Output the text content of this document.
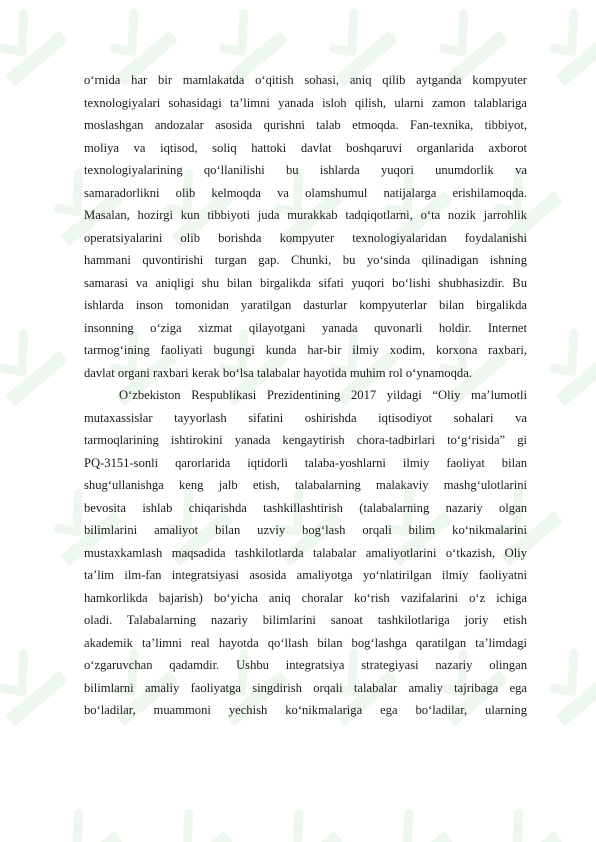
o‘rnida har bir mamlakatda o‘qitish sohasi, aniq qilib aytganda kompyuter
texnologiyalari sohasidagi ta’limni yanada isloh qilish, ularni zamon talablariga
moslashgan andozalar asosida qurishni talab etmoqda. Fan-texnika, tibbiyot,
moliya va iqtisod, soliq hattoki davlat boshqaruvi organlarida axborot
texnologiyalarining qo‘llanilishi bu ishlarda yuqori unumdorlik va
samaradorlikni olib kelmoqda va olamshumul natijalarga erishilamoqda.
Masalan, hozirgi kun tibbiyoti juda murakkab tadqiqotlarni, o‘ta nozik jarrohlik
operatsiyalarini olib borishda kompyuter texnologiyalaridan foydalanishi
hammani quvontirishi turgan gap. Chunki, bu yo‘sinda qilinadigan ishning
samarasi va aniqligi shu bilan birgalikda sifati yuqori bo‘lishi shubhasizdir. Bu
ishlarda inson tomonidan yaratilgan dasturlar kompyuterlar bilan birgalikda
insonning o‘ziga xizmat qilayotgani yanada quvonarli holdir. Internet
tarmog‘ining faoliyati bugungi kunda har-bir ilmiy xodim, korxona raxbari,
davlat organi raxbari kerak bo‘lsa talabalar hayotida muhim rol o‘ynamoqda.
O‘zbekiston Respublikasi Prezidentining 2017 yildagi “Oliy ma’lumotli
mutaxassislar tayyorlash sifatini oshirishda iqtisodiyot sohalari va
tarmoqlarining ishtirokini yanada kengaytirish chora-tadbirlari to‘g‘risida” gi
PQ-3151-sonli qarorlarida iqtidorli talaba-yoshlarni ilmiy faoliyat bilan
shug‘ullanishga keng jalb etish, talabalarning malakaviy mashg‘ulotlarini
bevosita ishlab chiqarishda tashkillashtirish (talabalarning nazariy olgan
bilimlarini amaliyot bilan uzviy bog‘lash orqali bilim ko‘nikmalarini
mustaxkamlash maqsadida tashkilotlarda talabalar amaliyotlarini o‘tkazish, Oliy
ta’lim ilm-fan integratsiyasi asosida amaliyotga yo‘nlatirilgan ilmiy faoliyatni
hamkorlikda bajarish) bo‘yicha aniq choralar ko‘rish vazifalarini o‘z ichiga
oladi. Talabalarning nazariy bilimlarini sanoat tashkilotlariga joriy etish
akademik ta’limni real hayotda qo‘llash bilan bog‘lashga qaratilgan ta’limdagi
o‘zgaruvchan qadamdir. Ushbu integratsiya strategiyasi nazariy olingan
bilimlarni amaliy faoliyatga singdirish orqali talabalar amaliy tajribaga ega
bo‘ladilar, muammoni yechish ko‘nikmalariga ega bo‘ladilar, ularning
